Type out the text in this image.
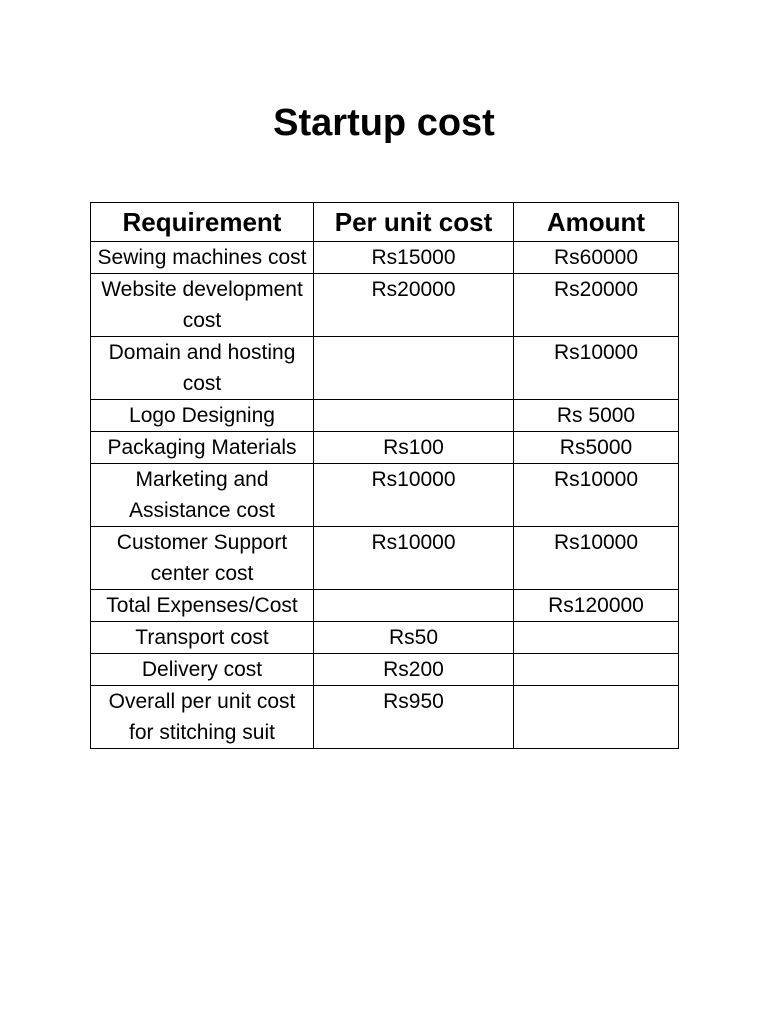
Startup cost
Requirement	Per unit cost	Amount
Sewing machines cost	Rs15000	Rs60000
Website development cost	Rs20000	Rs20000
Domain and hosting cost		Rs10000
Logo Designing		Rs 5000
Packaging Materials	Rs100	Rs5000
Marketing and Assistance cost	Rs10000	Rs10000
Customer Support center cost	Rs10000	Rs10000
Total Expenses/Cost		Rs120000
Transport cost	Rs50	
Delivery cost	Rs200	
Overall per unit cost for stitching suit	Rs950	
